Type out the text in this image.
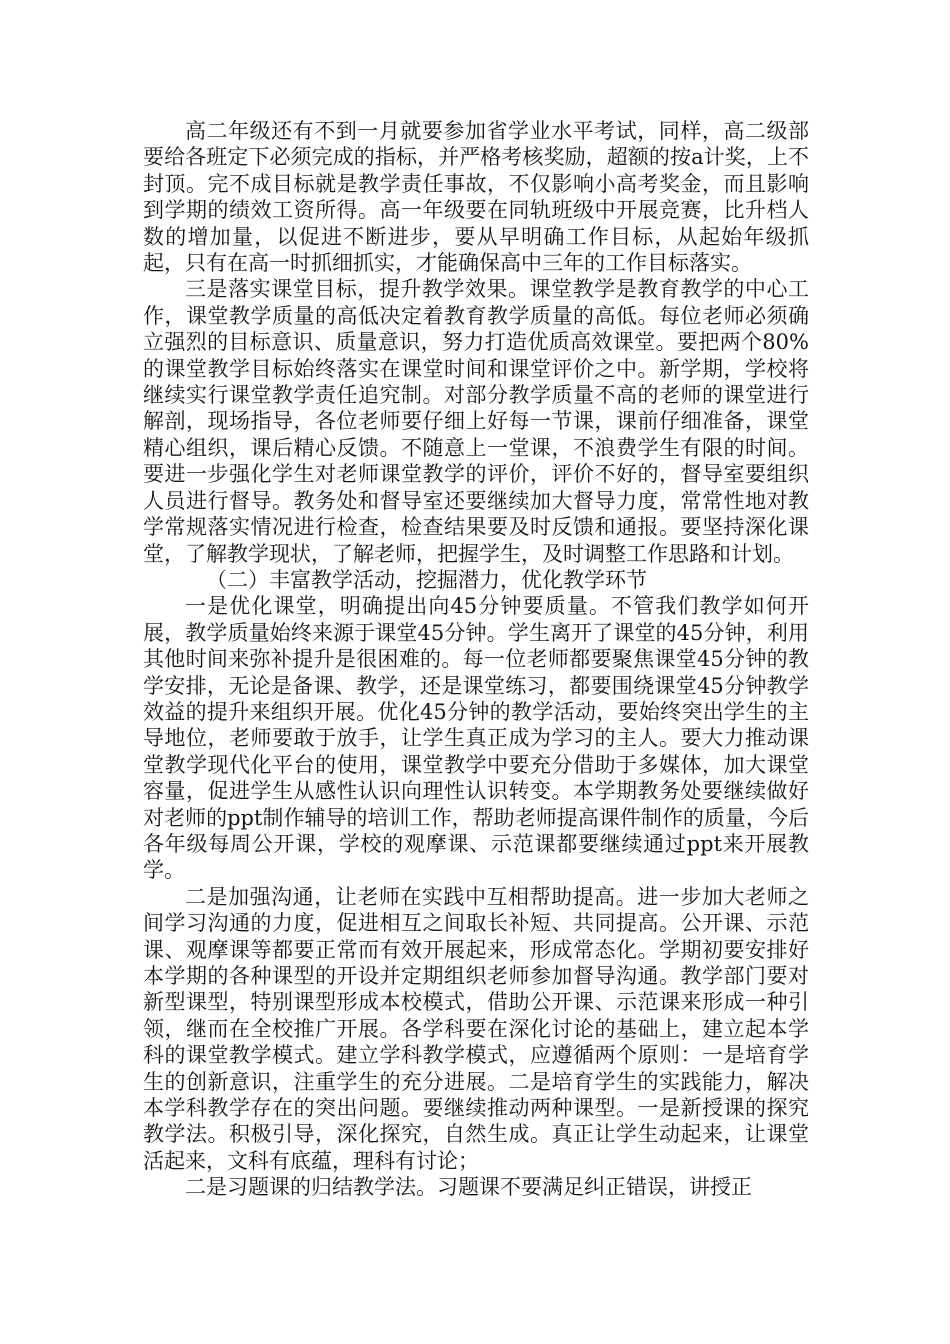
高二年级还有不到一月就要参加省学业水平考试，同样，高二级部要给各班定下必须完成的指标，并严格考核奖励，超额的按a计奖，上不封顶。完不成目标就是教学责任事故，不仅影响小高考奖金，而且影响到学期的绩效工资所得。高一年级要在同轨班级中开展竞赛，比升档人数的增加量，以促进不断进步，要从早明确工作目标，从起始年级抓起，只有在高一时抓细抓实，才能确保高中三年的工作目标落实。

三是落实课堂目标，提升教学效果。课堂教学是教育教学的中心工作，课堂教学质量的高低决定着教育教学质量的高低。每位老师必须确立强烈的目标意识、质量意识，努力打造优质高效课堂。要把两个80%的课堂教学目标始终落实在课堂时间和课堂评价之中。新学期，学校将继续实行课堂教学责任追究制。对部分教学质量不高的老师的课堂进行解剖，现场指导，各位老师要仔细上好每一节课，课前仔细准备，课堂精心组织，课后精心反馈。不随意上一堂课，不浪费学生有限的时间。要进一步强化学生对老师课堂教学的评价，评价不好的，督导室要组织人员进行督导。教务处和督导室还要继续加大督导力度，常常性地对教学常规落实情况进行检查，检查结果要及时反馈和通报。要坚持深化课堂，了解教学现状，了解老师，把握学生，及时调整工作思路和计划。

（二）丰富教学活动，挖掘潜力，优化教学环节

一是优化课堂，明确提出向45分钟要质量。不管我们教学如何开展，教学质量始终来源于课堂45分钟。学生离开了课堂的45分钟，利用其他时间来弥补提升是很困难的。每一位老师都要聚焦课堂45分钟的教学安排，无论是备课、教学，还是课堂练习，都要围绕课堂45分钟教学效益的提升来组织开展。优化45分钟的教学活动，要始终突出学生的主导地位，老师要敢于放手，让学生真正成为学习的主人。要大力推动课堂教学现代化平台的使用，课堂教学中要充分借助于多媒体，加大课堂容量，促进学生从感性认识向理性认识转变。本学期教务处要继续做好对老师的ppt制作辅导的培训工作，帮助老师提高课件制作的质量，今后各年级每周公开课，学校的观摩课、示范课都要继续通过ppt来开展教学。

二是加强沟通，让老师在实践中互相帮助提高。进一步加大老师之间学习沟通的力度，促进相互之间取长补短、共同提高。公开课、示范课、观摩课等都要正常而有效开展起来，形成常态化。学期初要安排好本学期的各种课型的开设并定期组织老师参加督导沟通。教学部门要对新型课型，特别课型形成本校模式，借助公开课、示范课来形成一种引领，继而在全校推广开展。各学科要在深化讨论的基础上，建立起本学科的课堂教学模式。建立学科教学模式，应遵循两个原则：一是培育学生的创新意识，注重学生的充分进展。二是培育学生的实践能力，解决本学科教学存在的突出问题。要继续推动两种课型。一是新授课的探究教学法。积极引导，深化探究，自然生成。真正让学生动起来，让课堂活起来，文科有底蕴，理科有讨论；

二是习题课的归结教学法。习题课不要满足纠正错误，讲授正
